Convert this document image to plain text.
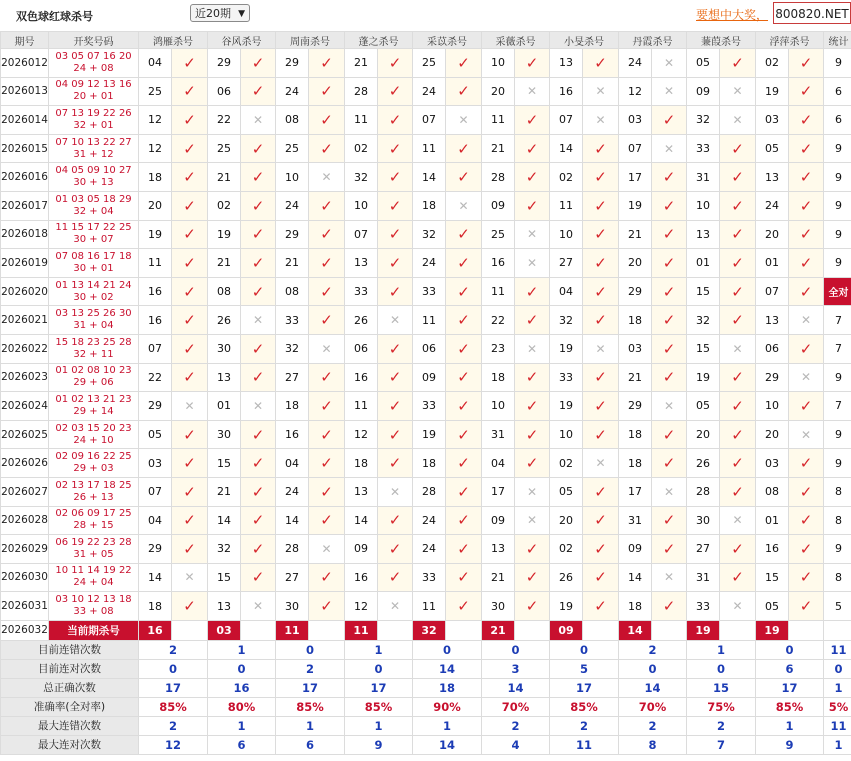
双色球红球杀号	近20期 ▼	要想中大奖， 800820.NET
期号	开奖号码	鸿雁杀号		谷风杀号		周南杀号		蓬之杀号		采苡杀号		采薇杀号		小旻杀号		丹霞杀号		蒹葭杀号		浮萍杀号		统计
2026012	03 05 07 16 20
24 + 08	04	✓	29	✓	29	✓	21	✓	25	✓	10	✓	13	✓	24	✕	05	✓	02	✓	9
2026013	04 09 12 13 16
20 + 01	25	✓	06	✓	24	✓	28	✓	24	✓	20	✕	16	✕	12	✕	09	✕	19	✓	6
2026014	07 13 19 22 26
32 + 01	12	✓	22	✕	08	✓	11	✓	07	✕	11	✓	07	✕	03	✓	32	✕	03	✓	6
2026015	07 10 13 22 27
31 + 12	12	✓	25	✓	25	✓	02	✓	11	✓	21	✓	14	✓	07	✕	33	✓	05	✓	9
2026016	04 05 09 10 27
30 + 13	18	✓	21	✓	10	✕	32	✓	14	✓	28	✓	02	✓	17	✓	31	✓	13	✓	9
2026017	01 03 05 18 29
32 + 04	20	✓	02	✓	24	✓	10	✓	18	✕	09	✓	11	✓	19	✓	10	✓	24	✓	9
2026018	11 15 17 22 25
30 + 07	19	✓	19	✓	29	✓	07	✓	32	✓	25	✕	10	✓	21	✓	13	✓	20	✓	9
2026019	07 08 16 17 18
30 + 01	11	✓	21	✓	21	✓	13	✓	24	✓	16	✕	27	✓	20	✓	01	✓	01	✓	9
2026020	01 13 14 21 24
30 + 02	16	✓	08	✓	08	✓	33	✓	33	✓	11	✓	04	✓	29	✓	15	✓	07	✓	全对
2026021	03 13 25 26 30
31 + 04	16	✓	26	✕	33	✓	26	✕	11	✓	22	✓	32	✓	18	✓	32	✓	13	✕	7
2026022	15 18 23 25 28
32 + 11	07	✓	30	✓	32	✕	06	✓	06	✓	23	✕	19	✕	03	✓	15	✕	06	✓	7
2026023	01 02 08 10 23
29 + 06	22	✓	13	✓	27	✓	16	✓	09	✓	18	✓	33	✓	21	✓	19	✓	29	✕	9
2026024	01 02 13 21 23
29 + 14	29	✕	01	✕	18	✓	11	✓	33	✓	10	✓	19	✓	29	✕	05	✓	10	✓	7
2026025	02 03 15 20 23
24 + 10	05	✓	30	✓	16	✓	12	✓	19	✓	31	✓	10	✓	18	✓	20	✓	20	✕	9
2026026	02 09 16 22 25
29 + 03	03	✓	15	✓	04	✓	18	✓	18	✓	04	✓	02	✕	18	✓	26	✓	03	✓	9
2026027	02 13 17 18 25
26 + 13	07	✓	21	✓	24	✓	13	✕	28	✓	17	✕	05	✓	17	✕	28	✓	08	✓	8
2026028	02 06 09 17 25
28 + 15	04	✓	14	✓	14	✓	14	✓	24	✓	09	✕	20	✓	31	✓	30	✕	01	✓	8
2026029	06 19 22 23 28
31 + 05	29	✓	32	✓	28	✕	09	✓	24	✓	13	✓	02	✓	09	✓	27	✓	16	✓	9
2026030	10 11 14 19 22
24 + 04	14	✕	15	✓	27	✓	16	✓	33	✓	21	✓	26	✓	14	✕	31	✓	15	✓	8
2026031	03 10 12 13 18
33 + 08	18	✓	13	✕	30	✓	12	✕	11	✓	30	✓	19	✓	18	✓	33	✕	05	✓	5
2026032	当前期杀号	16		03		11		11		32		21		09		14		19		19		
目前连错次数		2		1		0		1		0		0		0		2		1		0		11
目前连对次数		0		0		2		0		14		3		5		0		0		6		0
总正确次数		17		16		17		17		18		14		17		14		15		17		1
准确率(全对率)		85%		80%		85%		85%		90%		70%		85%		70%		75%		85%		5%
最大连错次数		2		1		1		1		1		2		2		2		2		1		11
最大连对次数		12		6		6		9		14		4		11		8		7		9		1
